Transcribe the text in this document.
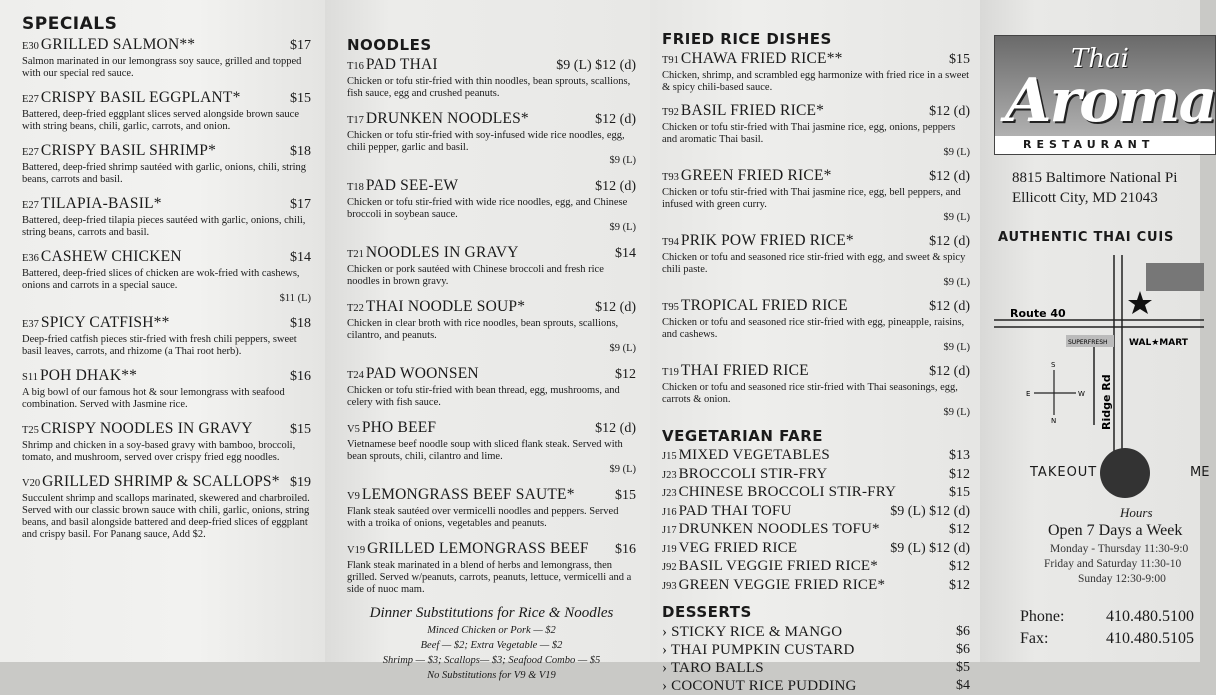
SPECIALS
E30 GRILLED SALMON**	$17
Salmon marinated in our lemongrass soy sauce, grilled and topped with our special red sauce.
E27 CRISPY BASIL EGGPLANT*	$15
Battered, deep-fried eggplant slices served alongside brown sauce with string beans, chili, garlic, carrots, and onion.
E27 CRISPY BASIL SHRIMP*	$18
Battered, deep-fried shrimp sautéed with garlic, onions, chili, string beans, carrots and basil.
E27 TILAPIA-BASIL*	$17
Battered, deep-fried tilapia pieces sautéed with garlic, onions, chili, string beans, carrots and basil.
E36 CASHEW CHICKEN	$14
Battered, deep-fried slices of chicken are wok-fried with cashews, onions and carrots in a special sauce.
$11 (L)
E37 SPICY CATFISH**	$18
Deep-fried catfish pieces stir-fried with fresh chili peppers, sweet basil leaves, carrots, and rhizome (a Thai root herb).
S11 POH DHAK**	$16
A big bowl of our famous hot & sour lemongrass with seafood combination. Served with Jasmine rice.
T25 CRISPY NOODLES IN GRAVY	$15
Shrimp and chicken in a soy-based gravy with bamboo, broccoli, tomato, and mushroom, served over crispy fried egg noodles.
V20 GRILLED SHRIMP & SCALLOPS* $19
Succulent shrimp and scallops marinated, skewered and charbroiled. Served with our classic brown sauce with chili, garlic, onions, string beans, and basil alongside battered and deep-fried slices of eggplant and crispy basil. For Panang sauce, Add $2.
NOODLES
T16 PAD THAI	$9 (L) $12 (d)
Chicken or tofu stir-fried with thin noodles, bean sprouts, scallions, fish sauce, egg and crushed peanuts.
T17 DRUNKEN NOODLES*	$12 (d)
Chicken or tofu stir-fried with soy-infused wide rice noodles, egg, chili pepper, garlic and basil.
$9 (L)
T18 PAD SEE-EW	$12 (d)
Chicken or tofu stir-fried with wide rice noodles, egg, and Chinese broccoli in soybean sauce.
$9 (L)
T21 NOODLES IN GRAVY	$14
Chicken or pork sautéed with Chinese broccoli and fresh rice noodles in brown gravy.
T22 THAI NOODLE SOUP*	$12 (d)
Chicken in clear broth with rice noodles, bean sprouts, scallions, cilantro, and peanuts.
$9 (L)
T24 PAD WOONSEN	$12
Chicken or tofu stir-fried with bean thread, egg, mushrooms, and celery with fish sauce.
V5 PHO BEEF	$12 (d)
Vietnamese beef noodle soup with sliced flank steak. Served with bean sprouts, chili, cilantro and lime.
$9 (L)
V9 LEMONGRASS BEEF SAUTE*	$15
Flank steak sautéed over vermicelli noodles and peppers. Served with a troika of onions, vegetables and peanuts.
V19 GRILLED LEMONGRASS BEEF $16
Flank steak marinated in a blend of herbs and lemongrass, then grilled. Served w/peanuts, carrots, peanuts, lettuce, vermicelli and a side of nuoc mam.
Dinner Substitutions for Rice & Noodles
Minced Chicken or Pork — $2
Beef — $2; Extra Vegetable — $2
Shrimp — $3; Scallops— $3; Seafood Combo — $5
No Substitutions for V9 & V19
FRIED RICE DISHES
T91 CHAWA FRIED RICE**	$15
Chicken, shrimp, and scrambled egg harmonize with fried rice in a sweet & spicy chili-based sauce.
T92 BASIL FRIED RICE*	$12 (d)
Chicken or tofu stir-fried with Thai jasmine rice, egg, onions, peppers and aromatic Thai basil.
$9 (L)
T93 GREEN FRIED RICE*	$12 (d)
Chicken or tofu stir-fried with Thai jasmine rice, egg, bell peppers, and infused with green curry.
$9 (L)
T94 PRIK POW FRIED RICE*	$12 (d)
Chicken or tofu and seasoned rice stir-fried with egg, and sweet & spicy chili paste.
$9 (L)
T95 TROPICAL FRIED RICE	$12 (d)
Chicken or tofu and seasoned rice stir-fried with egg, pineapple, raisins, and cashews.
$9 (L)
T19 THAI FRIED RICE	$12 (d)
Chicken or tofu and seasoned rice stir-fried with Thai seasonings, egg, carrots & onion.
$9 (L)
VEGETARIAN FARE
J15 MIXED VEGETABLES	$13
J23 BROCCOLI STIR-FRY	$12
J23 CHINESE BROCCOLI STIR-FRY	$15
J16 PAD THAI TOFU	$9 (L) $12 (d)
J17 DRUNKEN NOODLES TOFU*	$12
J19 VEG FRIED RICE	$9 (L) $12 (d)
J92 BASIL VEGGIE FRIED RICE*	$12
J93 GREEN VEGGIE FRIED RICE*	$12
DESSERTS
› STICKY RICE & MANGO	$6
› THAI PUMPKIN CUSTARD	$6
› TARO BALLS	$5
› COCONUT RICE PUDDING	$4
Thai
Aroma
RESTAURANT
8815 Baltimore National Pi
Ellicott City, MD 21043
AUTHENTIC THAI CUIS
Route 40
Ridge Rd
SUPERFRESH WAL★MART
S
N
E	W
TAKEOUT	ME
Hours
Open 7 Days a Week
Monday - Thursday 11:30-9:0
Friday and Saturday 11:30-10
Sunday 12:30-9:00
Phone:	410.480.5100
Fax:	410.480.5105
